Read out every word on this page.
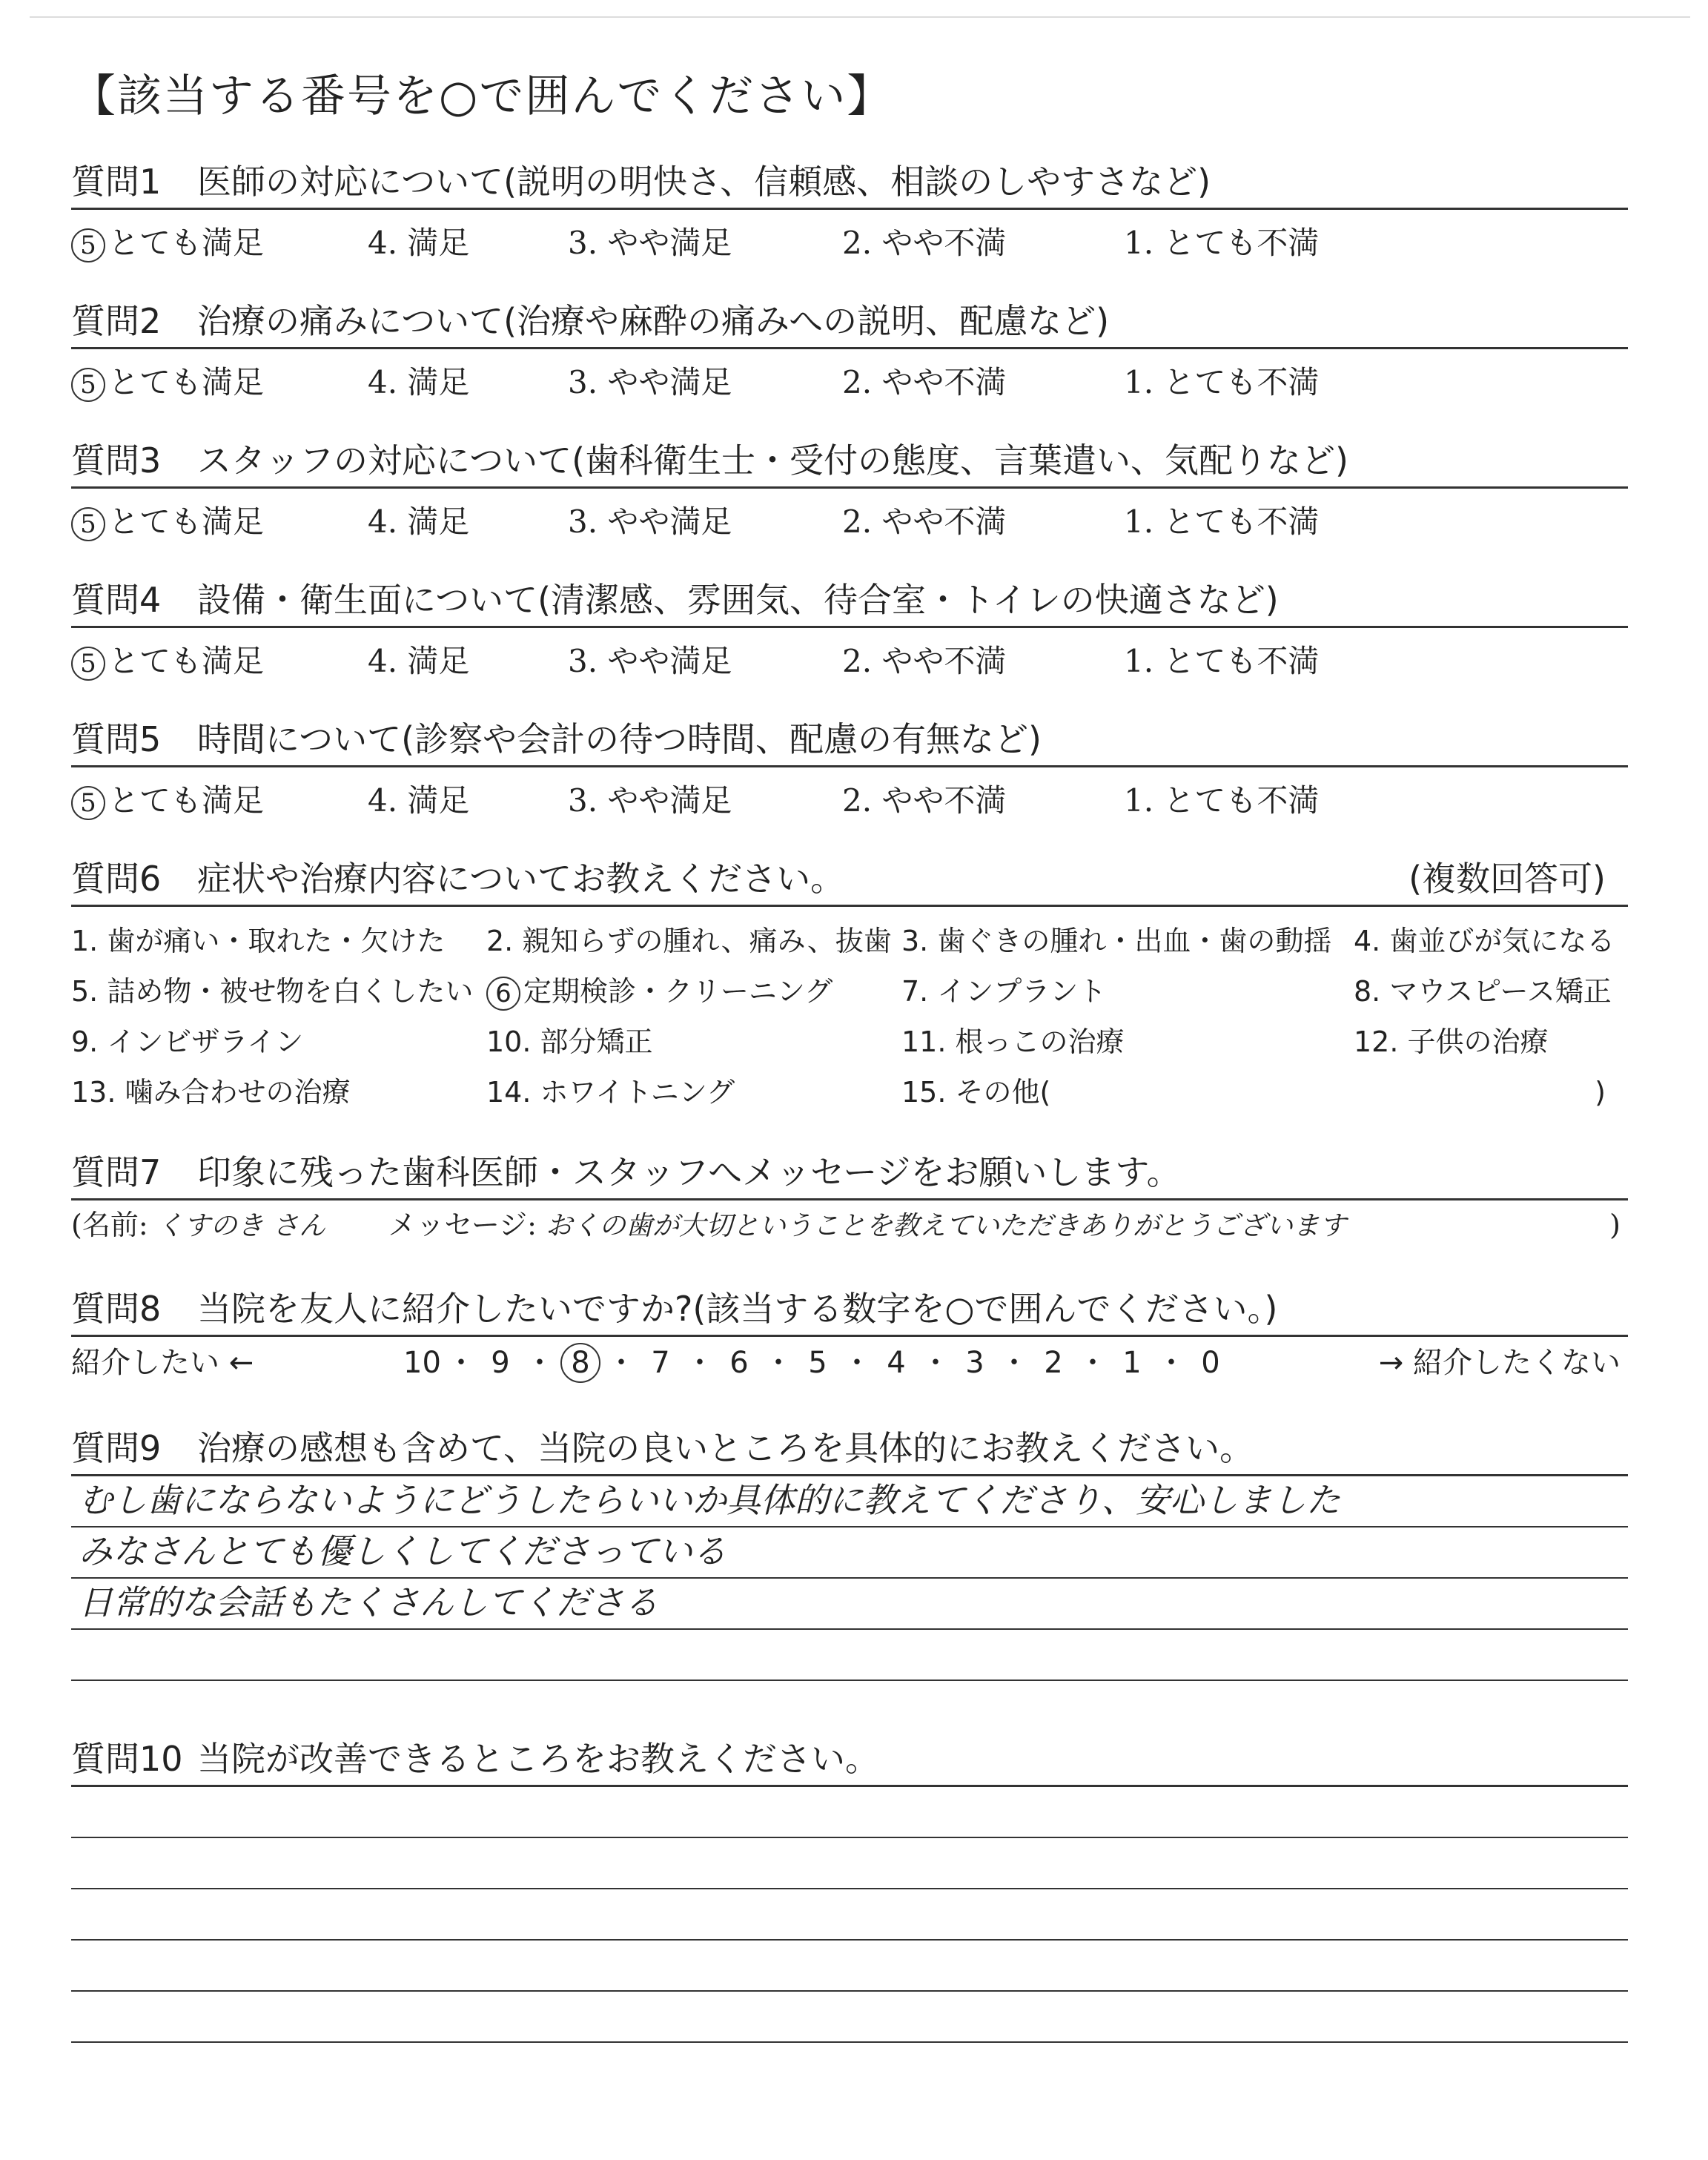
【該当する番号を○で囲んでください】
質問1 医師の対応について(説明の明快さ、信頼感、相談のしやすさなど)
5 とても満足	4. 満足	3. やや満足	2. やや不満	1. とても不満
質問2 治療の痛みについて(治療や麻酔の痛みへの説明、配慮など)
5 とても満足	4. 満足	3. やや満足	2. やや不満	1. とても不満
質問3 スタッフの対応について(歯科衛生士・受付の態度、言葉遣い、気配りなど)
5 とても満足	4. 満足	3. やや満足	2. やや不満	1. とても不満
質問4 設備・衛生面について(清潔感、雰囲気、待合室・トイレの快適さなど)
5 とても満足	4. 満足	3. やや満足	2. やや不満	1. とても不満
質問5 時間について(診察や会計の待つ時間、配慮の有無など)
5 とても満足	4. 満足	3. やや満足	2. やや不満	1. とても不満
質問6 症状や治療内容についてお教えください。	(複数回答可)
1. 歯が痛い・取れた・欠けた	2. 親知らずの腫れ、痛み、抜歯 3. 歯ぐきの腫れ・出血・歯の動揺 4. 歯並びが気になる
5. 詰め物・被せ物を白くしたい 6 定期検診・クリーニング	7. インプラント	8. マウスピース矯正
9. インビザライン	10. 部分矯正	11. 根っこの治療	12. 子供の治療
13. 噛み合わせの治療	14. ホワイトニング	15. その他(	)
質問7 印象に残った歯科医師・スタッフへメッセージをお願いします。
(名前: くすのき さん メッセージ: おくの歯が大切ということを教えていただきありがとうございます	)
質問8 当院を友人に紹介したいですか?(該当する数字を○で囲んでください。)
紹介したい ←	10 ・ 9 ・ 8 ・ 7 ・ 6 ・ 5 ・ 4 ・ 3 ・ 2 ・ 1 ・ 0	→ 紹介したくない
質問9 治療の感想も含めて、当院の良いところを具体的にお教えください。
むし歯にならないようにどうしたらいいか具体的に教えてくださり、安心しました
みなさんとても優しくしてくださっている
日常的な会話もたくさんしてくださる
質問10 当院が改善できるところをお教えください。
